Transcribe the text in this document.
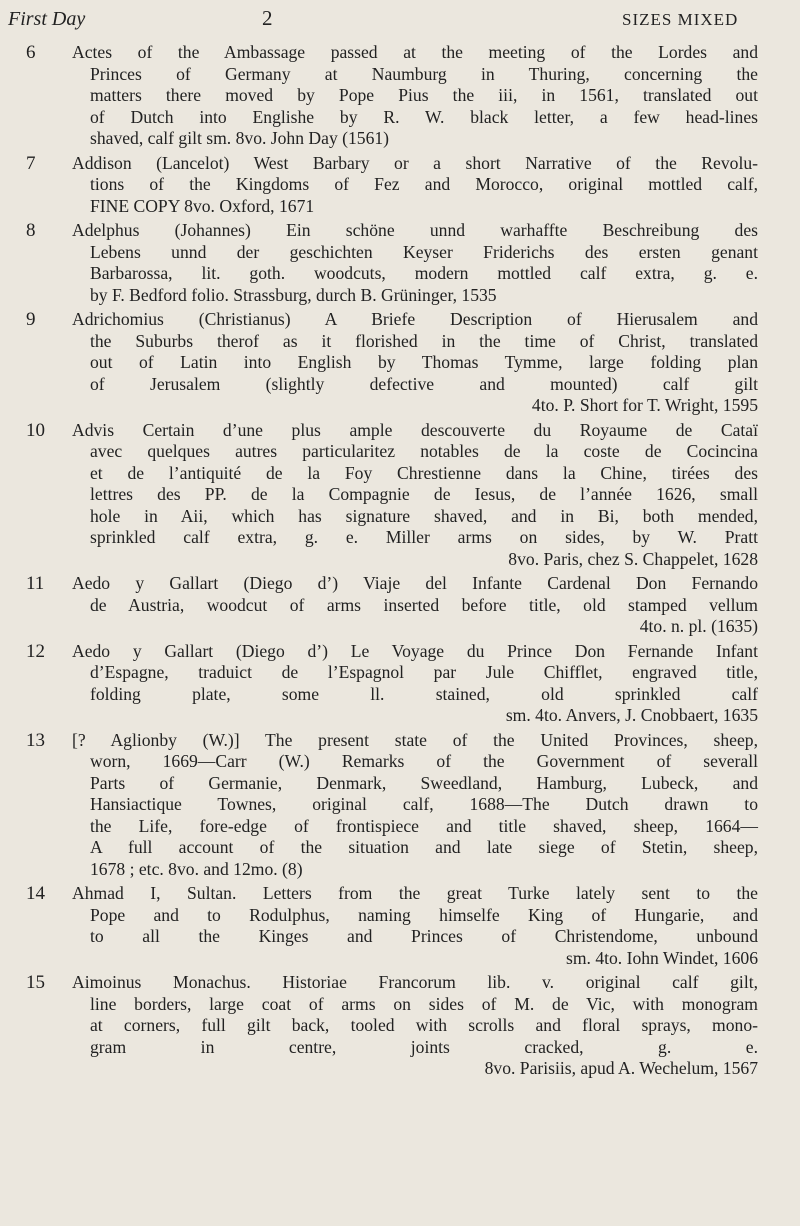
First Day	2	SIZES MIXED
6	Actes of the Ambassage passed at the meeting of the Lordes and
Princes of Germany at Naumburg in Thuring, concerning the
matters there moved by Pope Pius the iii, in 1561, translated out
of Dutch into Englishe by R. W. black letter, a few head-lines
shaved, calf gilt sm. 8vo. John Day (1561)
7	Addison (Lancelot) West Barbary or a short Narrative of the Revolu-
tions of the Kingdoms of Fez and Morocco, original mottled calf,
FINE COPY 8vo. Oxford, 1671
8	Adelphus (Johannes) Ein schöne unnd warhaffte Beschreibung des
Lebens unnd der geschichten Keyser Friderichs des ersten genant
Barbarossa, lit. goth. woodcuts, modern mottled calf extra, g. e.
by F. Bedford folio. Strassburg, durch B. Grüninger, 1535
9	Adrichomius (Christianus) A Briefe Description of Hierusalem and
the Suburbs therof as it florished in the time of Christ, translated
out of Latin into English by Thomas Tymme, large folding plan
of Jerusalem (slightly defective and mounted) calf gilt
4to. P. Short for T. Wright, 1595
10	Advis Certain d’une plus ample descouverte du Royaume de Cataï
avec quelques autres particularitez notables de la coste de Cocincina
et de l’antiquité de la Foy Chrestienne dans la Chine, tirées des
lettres des PP. de la Compagnie de Iesus, de l’année 1626, small
hole in Aii, which has signature shaved, and in Bi, both mended,
sprinkled calf extra, g. e. Miller arms on sides, by W. Pratt
8vo. Paris, chez S. Chappelet, 1628
11	Aedo y Gallart (Diego d’) Viaje del Infante Cardenal Don Fernando
de Austria, woodcut of arms inserted before title, old stamped vellum
4to. n. pl. (1635)
12	Aedo y Gallart (Diego d’) Le Voyage du Prince Don Fernande Infant
d’Espagne, traduict de l’Espagnol par Jule Chifflet, engraved title,
folding plate, some ll. stained, old sprinkled calf
sm. 4to. Anvers, J. Cnobbaert, 1635
13	[? Aglionby (W.)] The present state of the United Provinces, sheep,
worn, 1669—Carr (W.) Remarks of the Government of severall
Parts of Germanie, Denmark, Sweedland, Hamburg, Lubeck, and
Hansiactique Townes, original calf, 1688—The Dutch drawn to
the Life, fore-edge of frontispiece and title shaved, sheep, 1664—
A full account of the situation and late siege of Stetin, sheep,
1678 ; etc. 8vo. and 12mo. (8)
14	Ahmad I, Sultan. Letters from the great Turke lately sent to the
Pope and to Rodulphus, naming himselfe King of Hungarie, and
to all the Kinges and Princes of Christendome, unbound
sm. 4to. Iohn Windet, 1606
15	Aimoinus Monachus. Historiae Francorum lib. v. original calf gilt,
line borders, large coat of arms on sides of M. de Vic, with monogram
at corners, full gilt back, tooled with scrolls and floral sprays, mono-
gram in centre, joints cracked, g. e.
8vo. Parisiis, apud A. Wechelum, 1567
